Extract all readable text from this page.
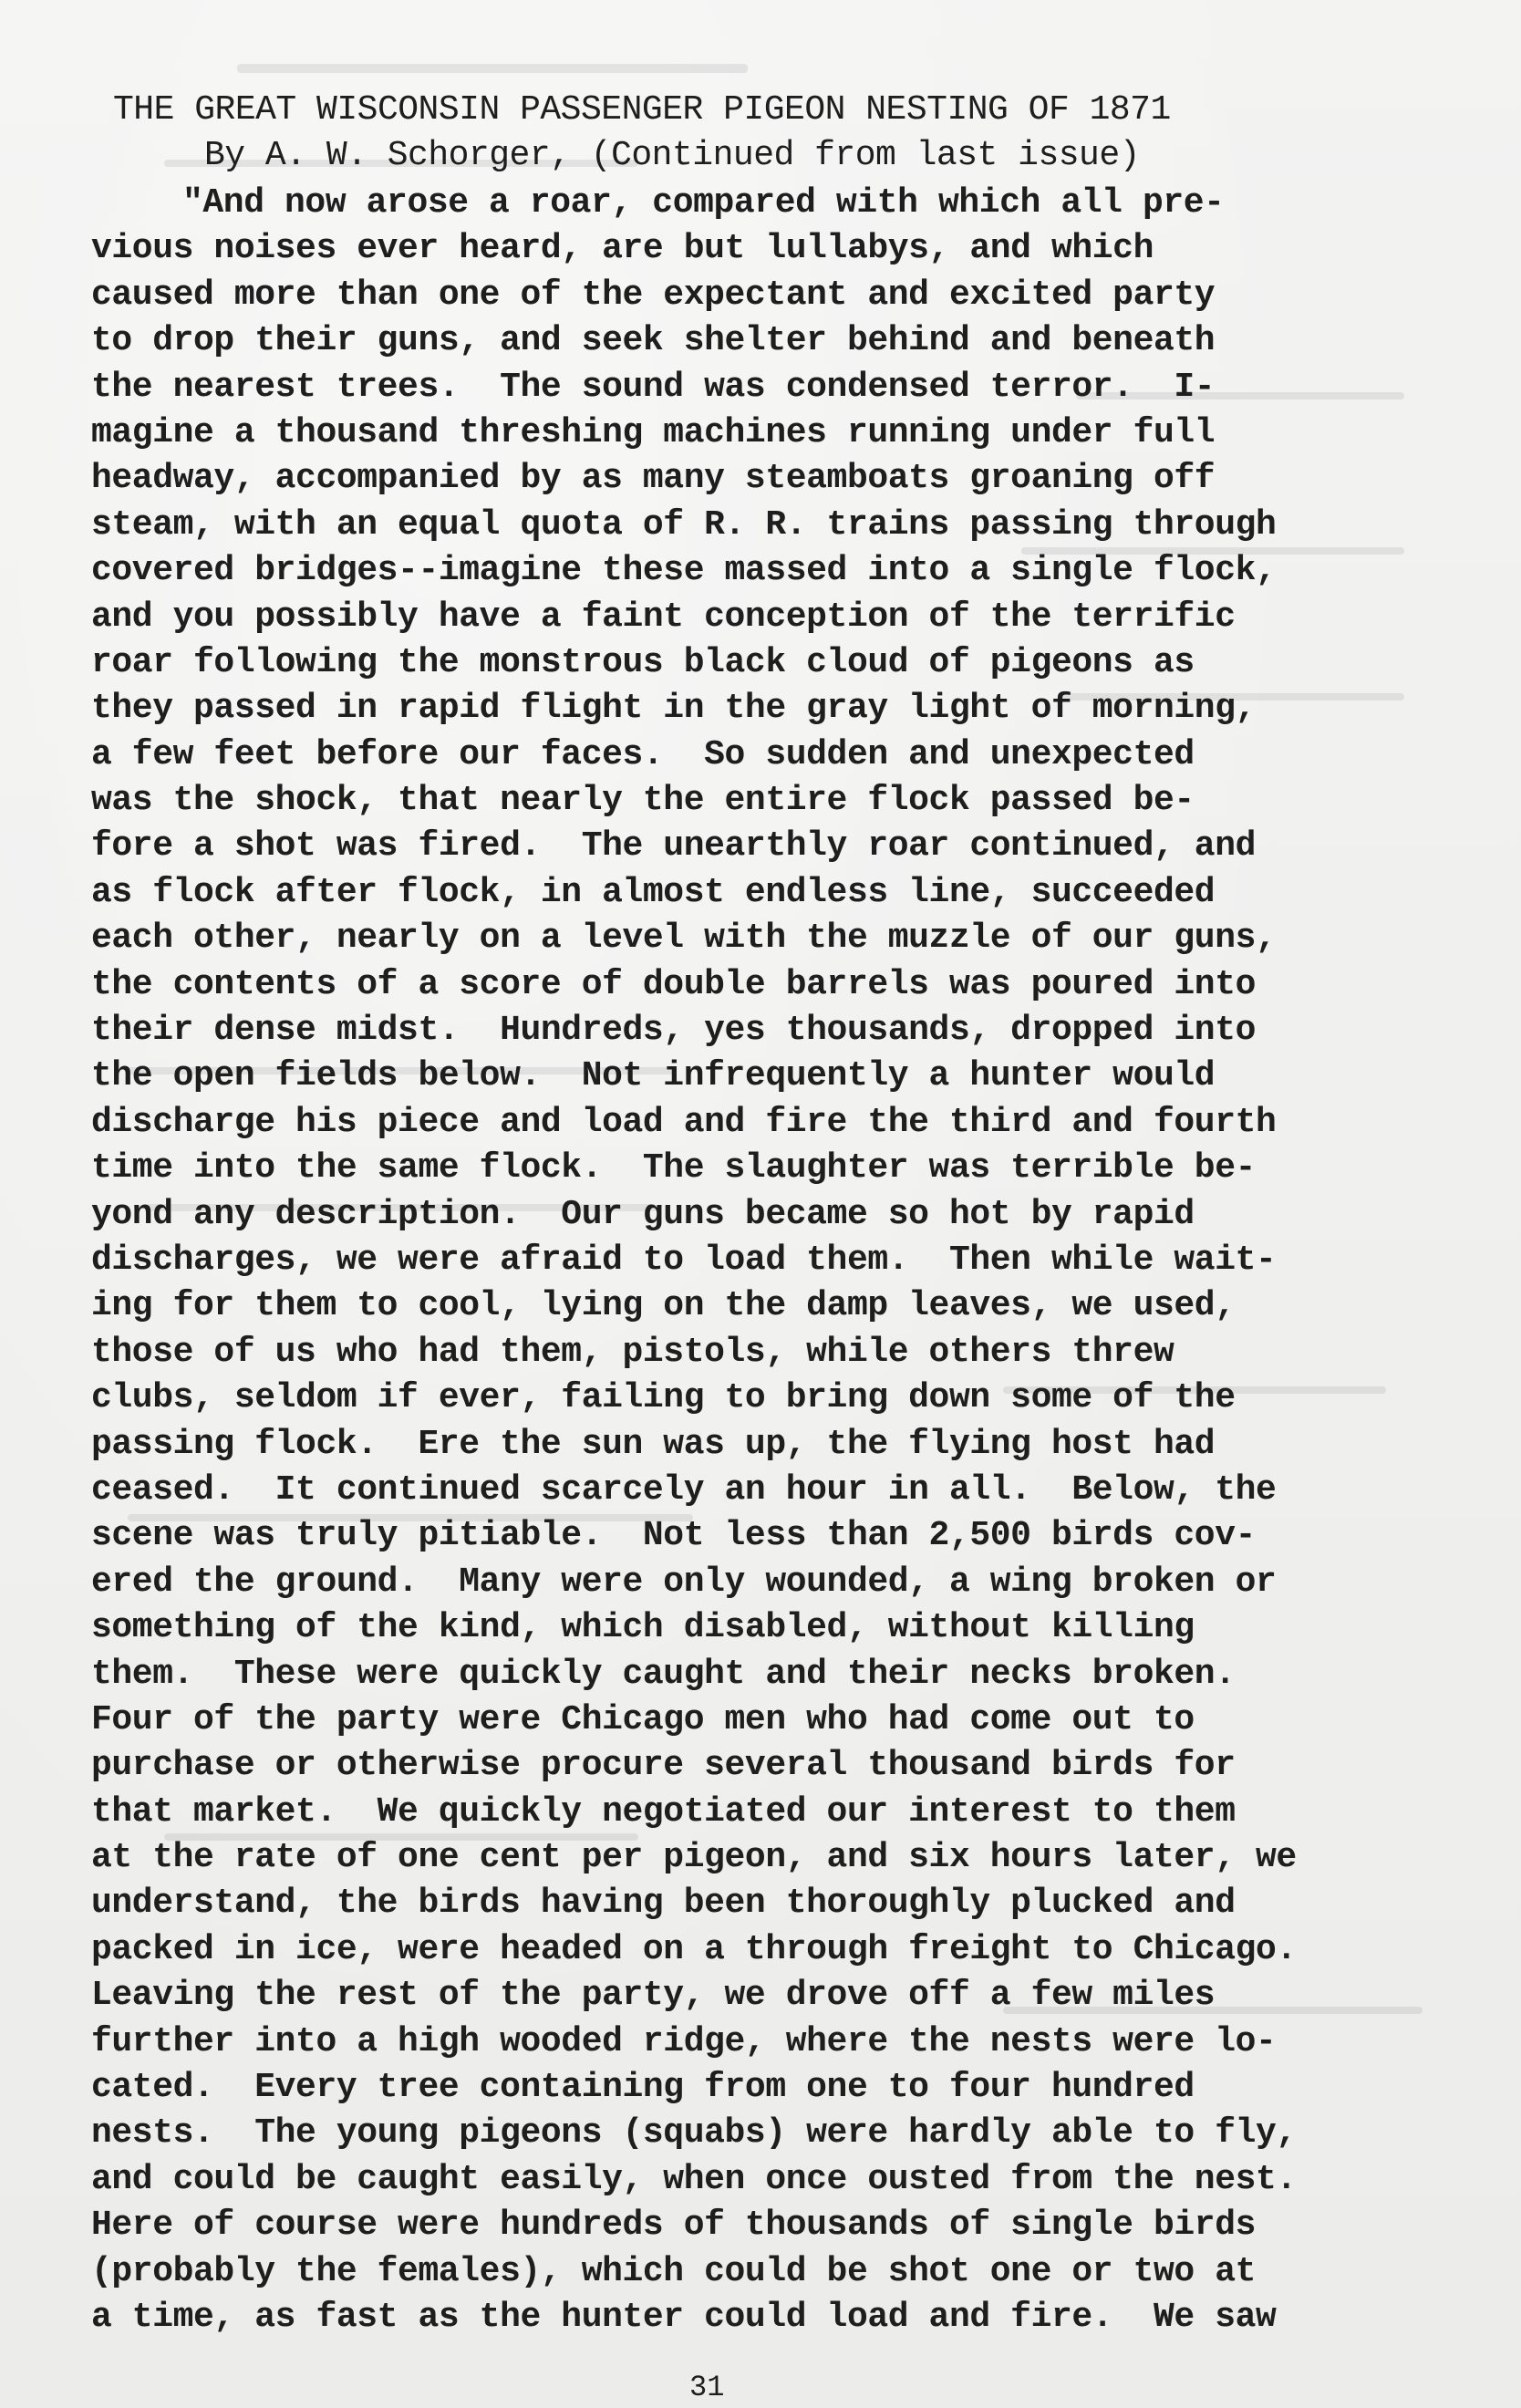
THE GREAT WISCONSIN PASSENGER PIGEON NESTING OF 1871

By A. W. Schorger, (Continued from last issue)

"And now arose a roar, compared with which all pre-
vious noises ever heard, are but lullabys, and which
caused more than one of the expectant and excited party
to drop their guns, and seek shelter behind and beneath
the nearest trees.  The sound was condensed terror.  I-
magine a thousand threshing machines running under full
headway, accompanied by as many steamboats groaning off
steam, with an equal quota of R. R. trains passing through
covered bridges--imagine these massed into a single flock,
and you possibly have a faint conception of the terrific
roar following the monstrous black cloud of pigeons as
they passed in rapid flight in the gray light of morning,
a few feet before our faces.  So sudden and unexpected
was the shock, that nearly the entire flock passed be-
fore a shot was fired.  The unearthly roar continued, and
as flock after flock, in almost endless line, succeeded
each other, nearly on a level with the muzzle of our guns,
the contents of a score of double barrels was poured into
their dense midst.  Hundreds, yes thousands, dropped into
the open fields below.  Not infrequently a hunter would
discharge his piece and load and fire the third and fourth
time into the same flock.  The slaughter was terrible be-
yond any description.  Our guns became so hot by rapid
discharges, we were afraid to load them.  Then while wait-
ing for them to cool, lying on the damp leaves, we used,
those of us who had them, pistols, while others threw
clubs, seldom if ever, failing to bring down some of the
passing flock.  Ere the sun was up, the flying host had
ceased.  It continued scarcely an hour in all.  Below, the
scene was truly pitiable.  Not less than 2,500 birds cov-
ered the ground.  Many were only wounded, a wing broken or
something of the kind, which disabled, without killing
them.  These were quickly caught and their necks broken.
Four of the party were Chicago men who had come out to
purchase or otherwise procure several thousand birds for
that market.  We quickly negotiated our interest to them
at the rate of one cent per pigeon, and six hours later, we
understand, the birds having been thoroughly plucked and
packed in ice, were headed on a through freight to Chicago.
Leaving the rest of the party, we drove off a few miles
further into a high wooded ridge, where the nests were lo-
cated.  Every tree containing from one to four hundred
nests.  The young pigeons (squabs) were hardly able to fly,
and could be caught easily, when once ousted from the nest.
Here of course were hundreds of thousands of single birds
(probably the females), which could be shot one or two at
a time, as fast as the hunter could load and fire.  We saw
31
